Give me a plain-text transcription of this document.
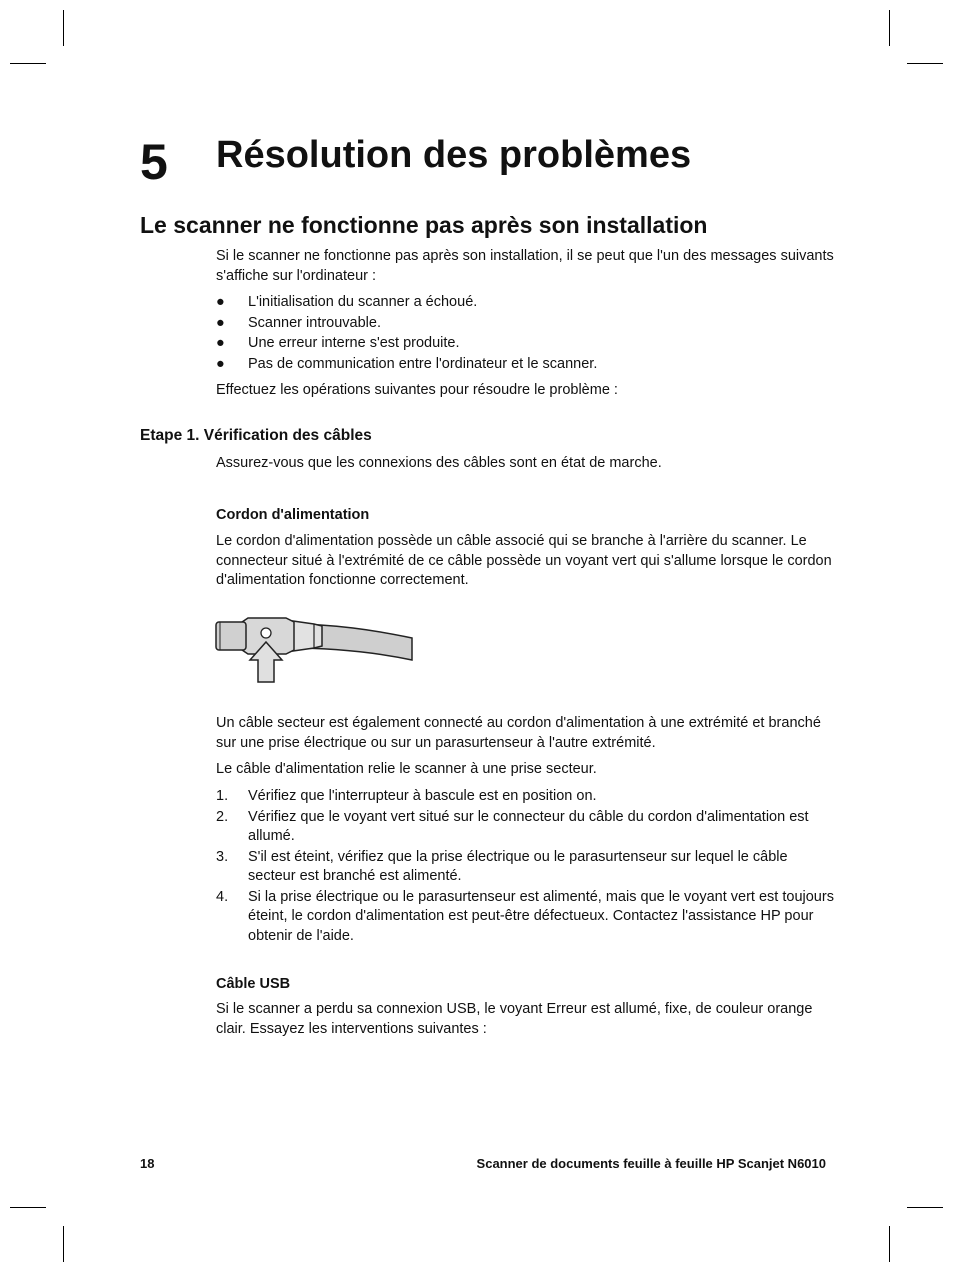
5 Résolution des problèmes
Le scanner ne fonctionne pas après son installation

Si le scanner ne fonctionne pas après son installation, il se peut que l'un des messages suivants s'affiche sur l'ordinateur :

● L'initialisation du scanner a échoué.
● Scanner introuvable.
● Une erreur interne s'est produite.
● Pas de communication entre l'ordinateur et le scanner.

Effectuez les opérations suivantes pour résoudre le problème :

Etape 1. Vérification des câbles

Assurez-vous que les connexions des câbles sont en état de marche.

Cordon d'alimentation

Le cordon d'alimentation possède un câble associé qui se branche à l'arrière du scanner. Le connecteur situé à l'extrémité de ce câble possède un voyant vert qui s'allume lorsque le cordon d'alimentation fonctionne correctement.

Un câble secteur est également connecté au cordon d'alimentation à une extrémité et branché sur une prise électrique ou sur un parasurtenseur à l'autre extrémité.

Le câble d'alimentation relie le scanner à une prise secteur.

1. Vérifiez que l'interrupteur à bascule est en position on.
2. Vérifiez que le voyant vert situé sur le connecteur du câble du cordon d'alimentation est allumé.
3. S'il est éteint, vérifiez que la prise électrique ou le parasurtenseur sur lequel le câble secteur est branché est alimenté.
4. Si la prise électrique ou le parasurtenseur est alimenté, mais que le voyant vert est toujours éteint, le cordon d'alimentation est peut-être défectueux. Contactez l'assistance HP pour obtenir de l'aide.
Câble USB

Si le scanner a perdu sa connexion USB, le voyant Erreur est allumé, fixe, de couleur orange clair. Essayez les interventions suivantes :

18	Scanner de documents feuille à feuille HP Scanjet N6010
